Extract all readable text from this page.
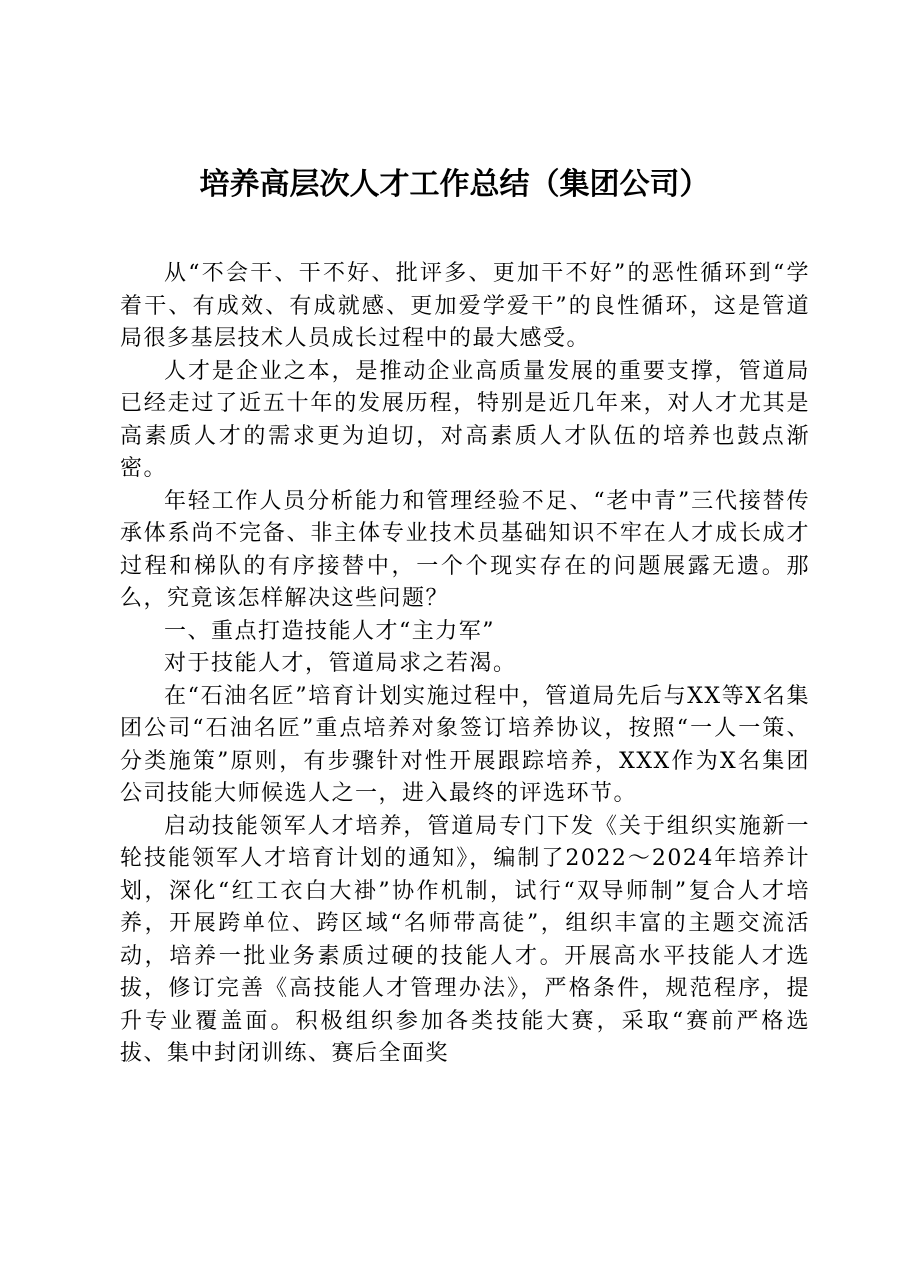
培养高层次人才工作总结（集团公司）

从“不会干、干不好、批评多、更加干不好”的恶性循环到“学着干、有成效、有成就感、更加爱学爱干”的良性循环，这是管道局很多基层技术人员成长过程中的最大感受。

人才是企业之本，是推动企业高质量发展的重要支撑，管道局已经走过了近五十年的发展历程，特别是近几年来，对人才尤其是高素质人才的需求更为迫切，对高素质人才队伍的培养也鼓点渐密。

年轻工作人员分析能力和管理经验不足、“老中青”三代接替传承体系尚不完备、非主体专业技术员基础知识不牢在人才成长成才过程和梯队的有序接替中，一个个现实存在的问题展露无遗。那么，究竟该怎样解决这些问题？

一、重点打造技能人才“主力军”

对于技能人才，管道局求之若渴。

在“石油名匠”培育计划实施过程中，管道局先后与XX等X名集团公司“石油名匠”重点培养对象签订培养协议，按照“一人一策、分类施策”原则，有步骤针对性开展跟踪培养，XXX作为X名集团公司技能大师候选人之一，进入最终的评选环节。

启动技能领军人才培养，管道局专门下发《关于组织实施新一轮技能领军人才培育计划的通知》，编制了2022～2024年培养计划，深化“红工衣白大褂”协作机制，试行“双导师制”复合人才培养，开展跨单位、跨区域“名师带高徒”，组织丰富的主题交流活动，培养一批业务素质过硬的技能人才。开展高水平技能人才选拔，修订完善《高技能人才管理办法》，严格条件，规范程序，提升专业覆盖面。积极组织参加各类技能大赛，采取“赛前严格选拔、集中封闭训练、赛后全面奖
